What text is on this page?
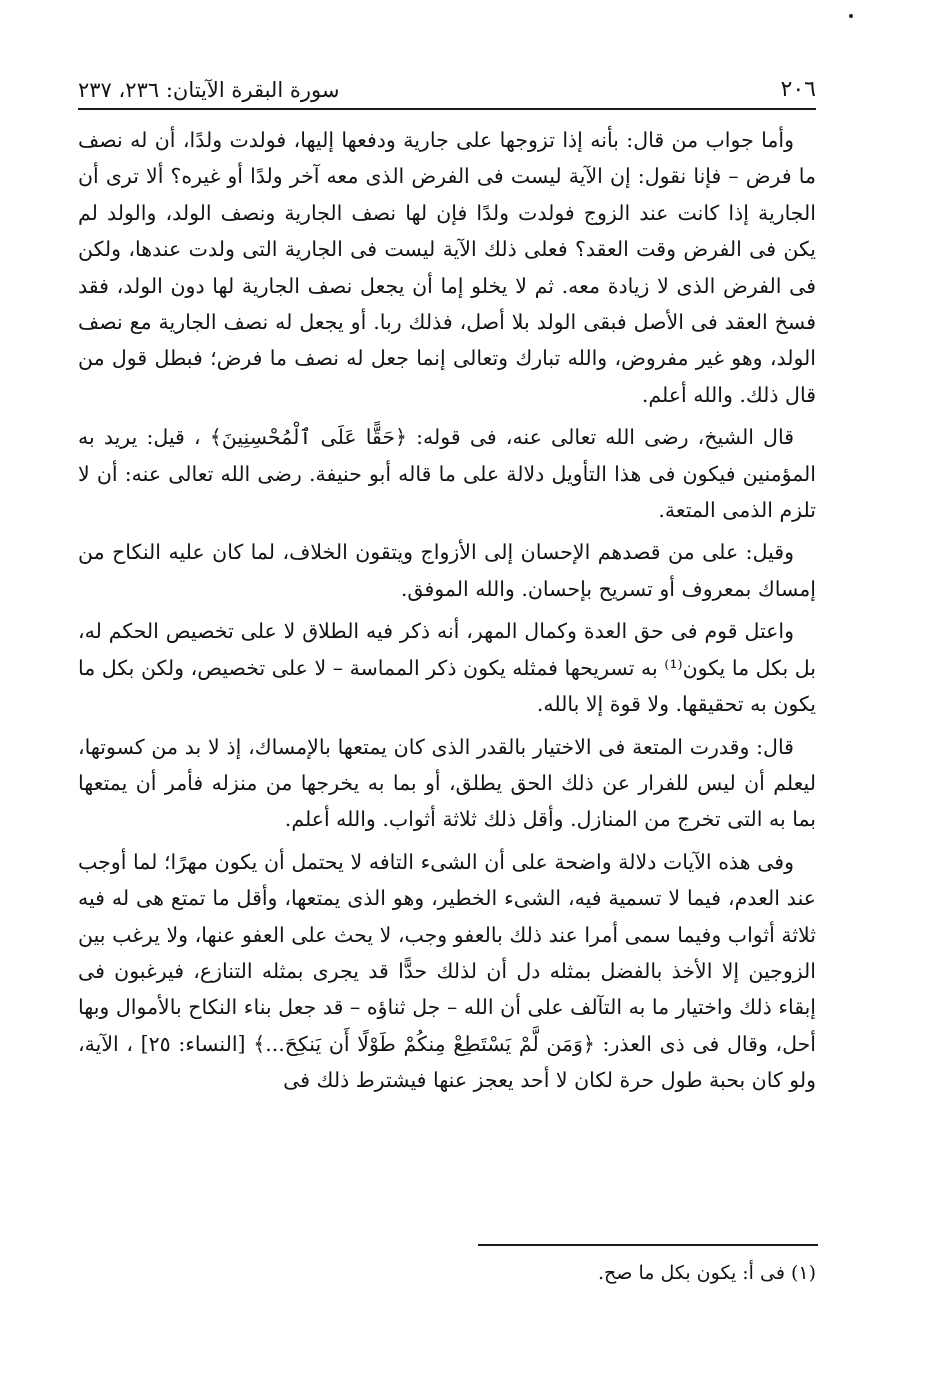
٢٠٦
سورة البقرة الآيتان: ٢٣٦، ٢٣٧

وأما جواب من قال: بأنه إذا تزوجها على جارية ودفعها إليها، فولدت ولدًا، أن له نصف ما فرض – فإنا نقول: إن الآية ليست فى الفرض الذى معه آخر ولدًا أو غيره؟ ألا ترى أن الجارية إذا كانت عند الزوج فولدت ولدًا فإن لها نصف الجارية ونصف الولد، والولد لم يكن فى الفرض وقت العقد؟ فعلى ذلك الآية ليست فى الجارية التى ولدت عندها، ولكن فى الفرض الذى لا زيادة معه. ثم لا يخلو إما أن يجعل نصف الجارية لها دون الولد، فقد فسخ العقد فى الأصل فبقى الولد بلا أصل، فذلك ربا. أو يجعل له نصف الجارية مع نصف الولد، وهو غير مفروض، والله تبارك وتعالى إنما جعل له نصف ما فرض؛ فبطل قول من قال ذلك. والله أعلم.

قال الشيخ، رضى الله تعالى عنه، فى قوله: ﴿حَقًّا عَلَى ٱلْمُحْسِنِينَ﴾ ، قيل: يريد به المؤمنين فيكون فى هذا التأويل دلالة على ما قاله أبو حنيفة. رضى الله تعالى عنه: أن لا تلزم الذمى المتعة.

وقيل: على من قصدهم الإحسان إلى الأزواج ويتقون الخلاف، لما كان عليه النكاح من إمساك بمعروف أو تسريح بإحسان. والله الموفق.

واعتل قوم فى حق العدة وكمال المهر، أنه ذكر فيه الطلاق لا على تخصيص الحكم له، بل بكل ما يكون⁽¹⁾ به تسريحها فمثله يكون ذكر المماسة – لا على تخصيص، ولكن بكل ما يكون به تحقيقها. ولا قوة إلا بالله.

قال: وقدرت المتعة فى الاختيار بالقدر الذى كان يمتعها بالإمساك، إذ لا بد من كسوتها، ليعلم أن ليس للفرار عن ذلك الحق يطلق، أو بما به يخرجها من منزله فأمر أن يمتعها بما به التى تخرج من المنازل. وأقل ذلك ثلاثة أثواب. والله أعلم.

وفى هذه الآيات دلالة واضحة على أن الشىء التافه لا يحتمل أن يكون مهرًا؛ لما أوجب عند العدم، فيما لا تسمية فيه، الشىء الخطير، وهو الذى يمتعها، وأقل ما تمتع هى له فيه ثلاثة أثواب وفيما سمى أمرا عند ذلك بالعفو وجب، لا يحث على العفو عنها، ولا يرغب بين الزوجين إلا الأخذ بالفضل بمثله دل أن لذلك حدًّا قد يجرى بمثله التنازع، فيرغبون فى إبقاء ذلك واختيار ما به التآلف على أن الله – جل ثناؤه – قد جعل بناء النكاح بالأموال وبها أحل، وقال فى ذى العذر: ﴿وَمَن لَّمْ يَسْتَطِعْ مِنكُمْ طَوْلًا أَن يَنكِحَ...﴾ [النساء: ٢٥] ، الآية، ولو كان بحبة طول حرة لكان لا أحد يعجز عنها فيشترط ذلك فى

(١) فى أ: يكون بكل ما صح.
